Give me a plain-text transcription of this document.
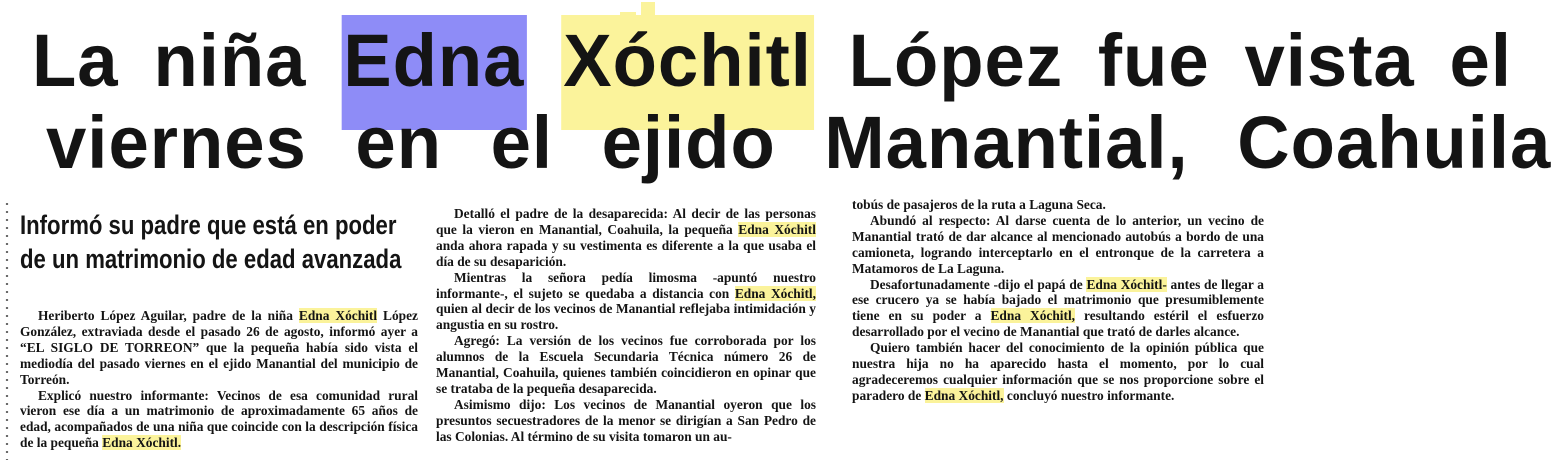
La niña Edna Xóchitl López fue vista el
viernes en el ejido Manantial, Coahuila
Informó su padre que está en poder
de un matrimonio de edad avanzada

Heriberto López Aguilar, padre de la niña Edna Xóchitl López González, extraviada desde el pasado 26 de agosto, informó ayer a “EL SIGLO DE TORREON” que la pequeña había sido vista el mediodía del pasado viernes en el ejido Manantial del municipio de Torreón.

Explicó nuestro informante: Vecinos de esa comunidad rural vieron ese día a un matrimonio de aproximadamente 65 años de edad, acompañados de una niña que coincide con la descripción física de la pequeña Edna Xóchitl.

Detalló el padre de la desaparecida: Al decir de las personas que la vieron en Manantial, Coahuila, la pequeña Edna Xóchitl anda ahora rapada y su vestimenta es diferente a la que usaba el día de su desaparición.

Mientras la señora pedía limosma -apuntó nuestro informante-, el sujeto se quedaba a distancia con Edna Xóchitl, quien al decir de los vecinos de Manantial reflejaba intimidación y angustia en su rostro.

Agregó: La versión de los vecinos fue corroborada por los alumnos de la Escuela Secundaria Técnica número 26 de Manantial, Coahuila, quienes también coincidieron en opinar que se trataba de la pequeña desaparecida.

Asimismo dijo: Los vecinos de Manantial oyeron que los presuntos secuestradores de la menor se dirigían a San Pedro de las Colonias. Al término de su visita tomaron un au-

tobús de pasajeros de la ruta a Laguna Seca.

Abundó al respecto: Al darse cuenta de lo anterior, un vecino de Manantial trató de dar alcance al mencionado autobús a bordo de una camioneta, logrando interceptarlo en el entronque de la carretera a Matamoros de La Laguna.

Desafortunadamente -dijo el papá de Edna Xóchitl- antes de llegar a ese crucero ya se había bajado el matrimonio que presumiblemente tiene en su poder a Edna Xóchitl, resultando estéril el esfuerzo desarrollado por el vecino de Manantial que trató de darles alcance.

Quiero también hacer del conocimiento de la opinión pública que nuestra hija no ha aparecido hasta el momento, por lo cual agradeceremos cualquier información que se nos proporcione sobre el paradero de Edna Xóchitl, concluyó nuestro informante.
